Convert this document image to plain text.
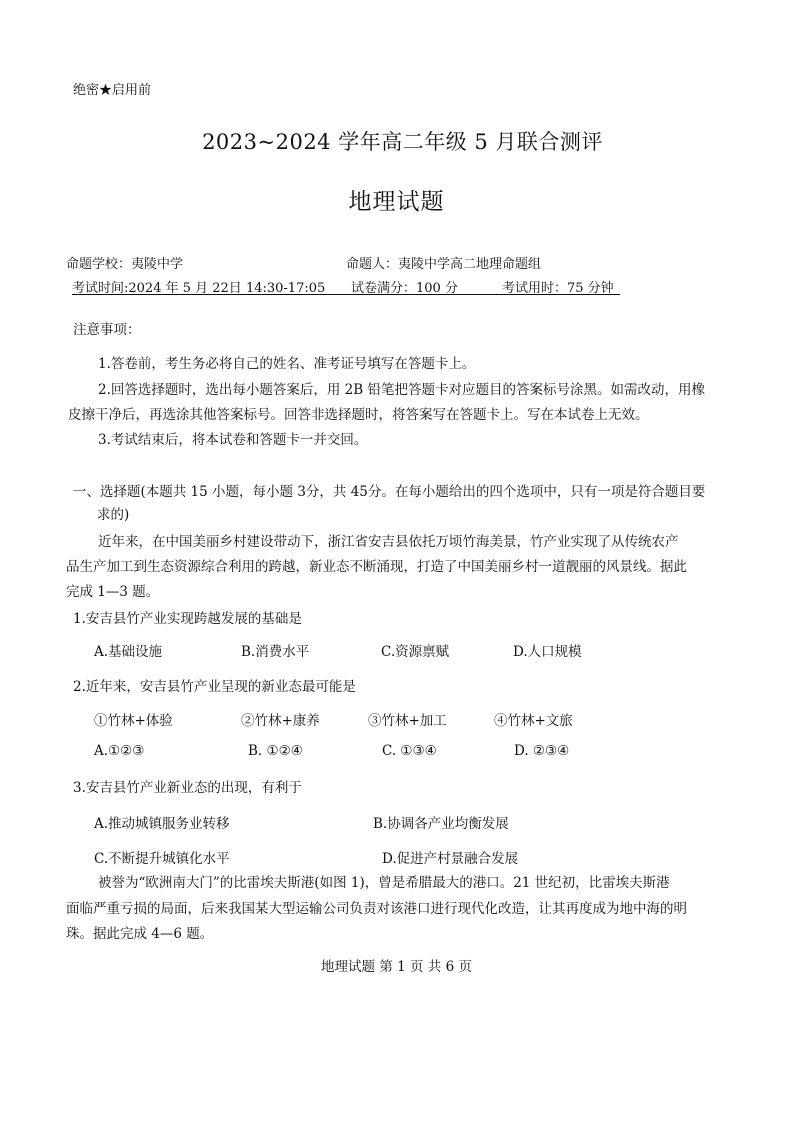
绝密★启用前
2023~2024 学年高二年级 5 月联合测评
地理试题
命题学校：夷陵中学	命题人：夷陵中学高二地理命题组
考试时间:2024 年 5 月 22日 14:30-17:05 试卷满分：100 分	考试用时：75 分钟
注意事项：
1.答卷前，考生务必将自己的姓名、准考证号填写在答题卡上。
2.回答选择题时，选出每小题答案后，用 2B 铅笔把答题卡对应题目的答案标号涂黑。如需改动，用橡
皮擦干净后，再选涂其他答案标号。回答非选择题时，将答案写在答题卡上。写在本试卷上无效。
3.考试结束后，将本试卷和答题卡一并交回。
一、选择题(本题共 15 小题，每小题 3分，共 45分。在每小题给出的四个选项中，只有一项是符合题目要
求的)
近年来，在中国美丽乡村建设带动下，浙江省安吉县依托万顷竹海美景，竹产业实现了从传统农产
品生产加工到生态资源综合利用的跨越，新业态不断涌现，打造了中国美丽乡村一道靓丽的风景线。据此
完成 1—3 题。
1.安吉县竹产业实现跨越发展的基础是
A.基础设施	B.消费水平	C.资源禀赋	D.人口规模
2.近年来，安吉县竹产业呈现的新业态最可能是
①竹林+体验	②竹林+康养	③竹林+加工	④竹林+文旅
A.①②③	B. ①②④	C. ①③④	D. ②③④
3.安吉县竹产业新业态的出现，有利于
A.推动城镇服务业转移	B.协调各产业均衡发展
C.不断提升城镇化水平	D.促进产村景融合发展
被誉为“欧洲南大门”的比雷埃夫斯港(如图 1)，曾是希腊最大的港口。21 世纪初，比雷埃夫斯港
面临严重亏损的局面，后来我国某大型运输公司负责对该港口进行现代化改造，让其再度成为地中海的明
珠。据此完成 4—6 题。
地理试题 第 1 页 共 6 页
